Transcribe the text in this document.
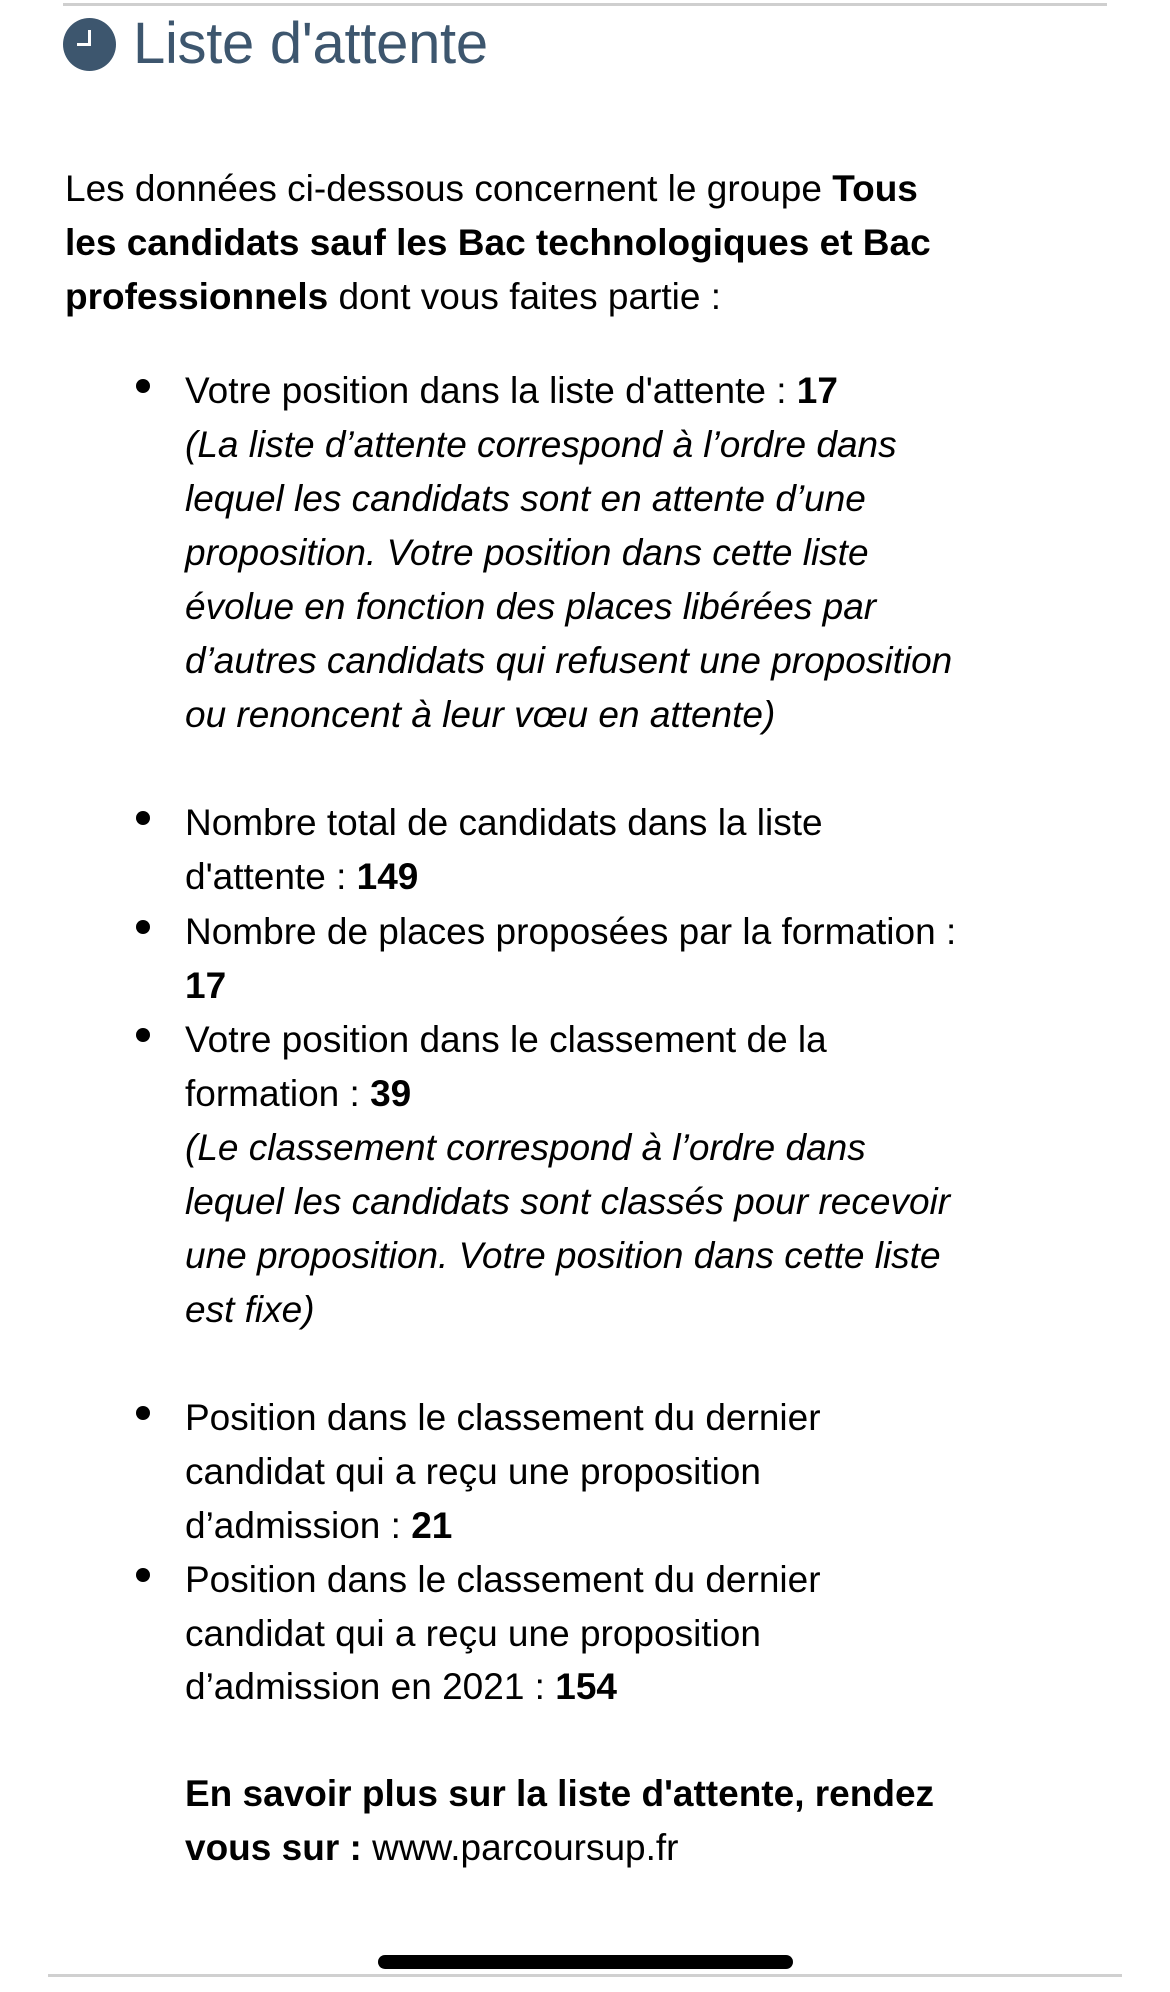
Liste d'attente
Les données ci-dessous concernent le groupe Tous
les candidats sauf les Bac technologiques et Bac
professionnels dont vous faites partie :
Votre position dans la liste d'attente : 17
(La liste d’attente correspond à l’ordre dans
lequel les candidats sont en attente d’une
proposition. Votre position dans cette liste
évolue en fonction des places libérées par
d’autres candidats qui refusent une proposition
ou renoncent à leur vœu en attente)
Nombre total de candidats dans la liste
d'attente : 149
Nombre de places proposées par la formation :
17
Votre position dans le classement de la
formation : 39
(Le classement correspond à l’ordre dans
lequel les candidats sont classés pour recevoir
une proposition. Votre position dans cette liste
est fixe)
Position dans le classement du dernier
candidat qui a reçu une proposition
d’admission : 21
Position dans le classement du dernier
candidat qui a reçu une proposition
d’admission en 2021 : 154
En savoir plus sur la liste d'attente, rendez
vous sur : www.parcoursup.fr
